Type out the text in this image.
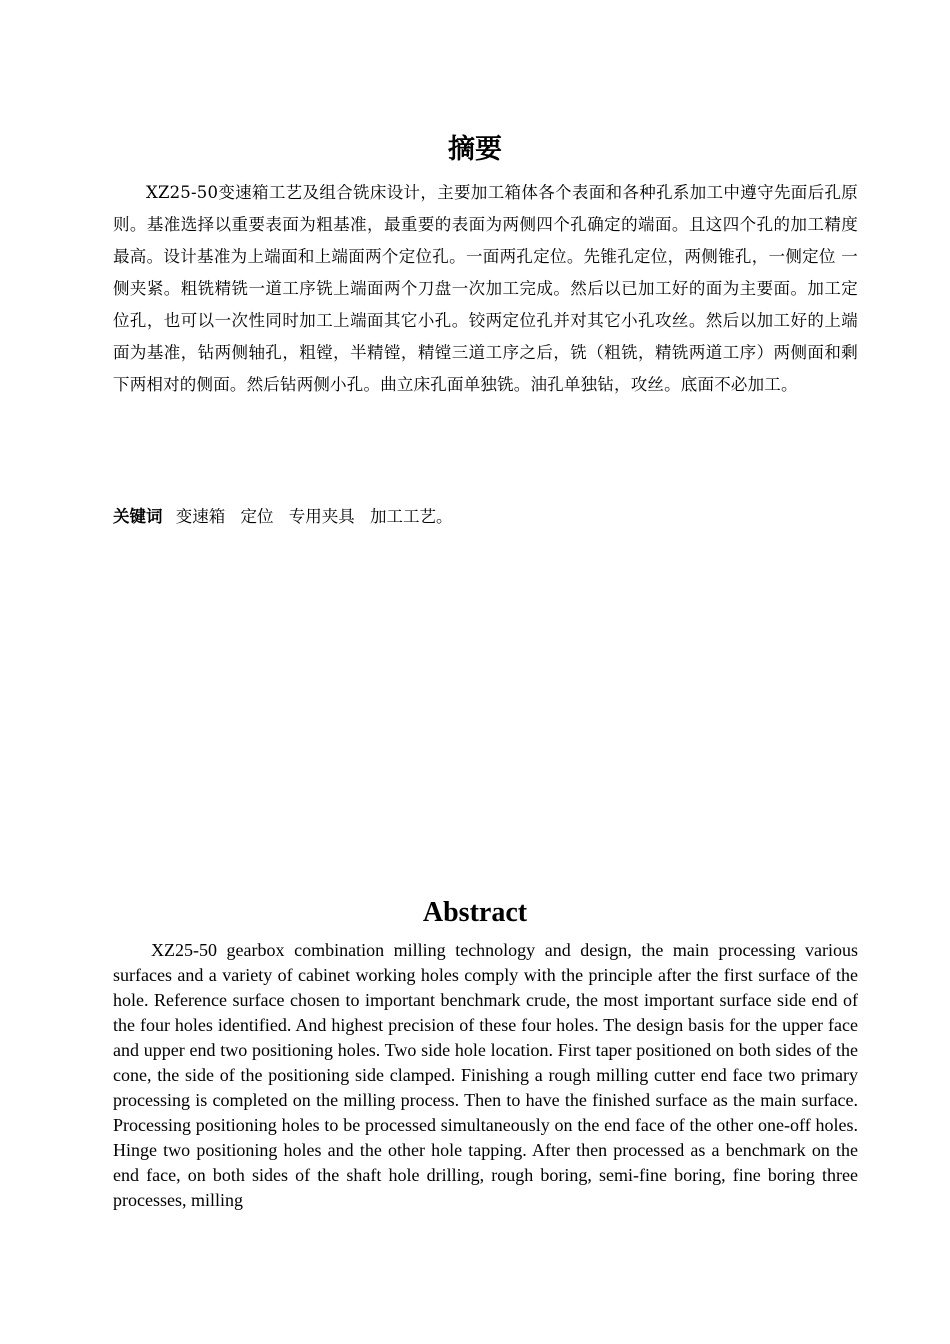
摘要

XZ25-50变速箱工艺及组合铣床设计，主要加工箱体各个表面和各种孔系加工中遵守先面后孔原则。基准选择以重要表面为粗基准，最重要的表面为两侧四个孔确定的端面。且这四个孔的加工精度最高。设计基准为上端面和上端面两个定位孔。一面两孔定位。先锥孔定位，两侧锥孔，一侧定位 一侧夹紧。粗铣精铣一道工序铣上端面两个刀盘一次加工完成。然后以已加工好的面为主要面。加工定位孔，也可以一次性同时加工上端面其它小孔。铰两定位孔并对其它小孔攻丝。然后以加工好的上端面为基准，钻两侧轴孔，粗镗，半精镗，精镗三道工序之后，铣（粗铣，精铣两道工序）两侧面和剩下两相对的侧面。然后钻两侧小孔。曲立床孔面单独铣。油孔单独钻，攻丝。底面不必加工。

关键词 变速箱 定位 专用夹具 加工工艺。

Abstract

XZ25-50 gearbox combination milling technology and design, the main processing various surfaces and a variety of cabinet working holes comply with the principle after the first surface of the hole. Reference surface chosen to important benchmark crude, the most important surface side end of the four holes identified. And highest precision of these four holes. The design basis for the upper face and upper end two positioning holes. Two side hole location. First taper positioned on both sides of the cone, the side of the positioning side clamped. Finishing a rough milling cutter end face two primary processing is completed on the milling process. Then to have the finished surface as the main surface. Processing positioning holes to be processed simultaneously on the end face of the other one-off holes. Hinge two positioning holes and the other hole tapping. After then processed as a benchmark on the end face, on both sides of the shaft hole drilling, rough boring, semi-fine boring, fine boring three processes, milling
